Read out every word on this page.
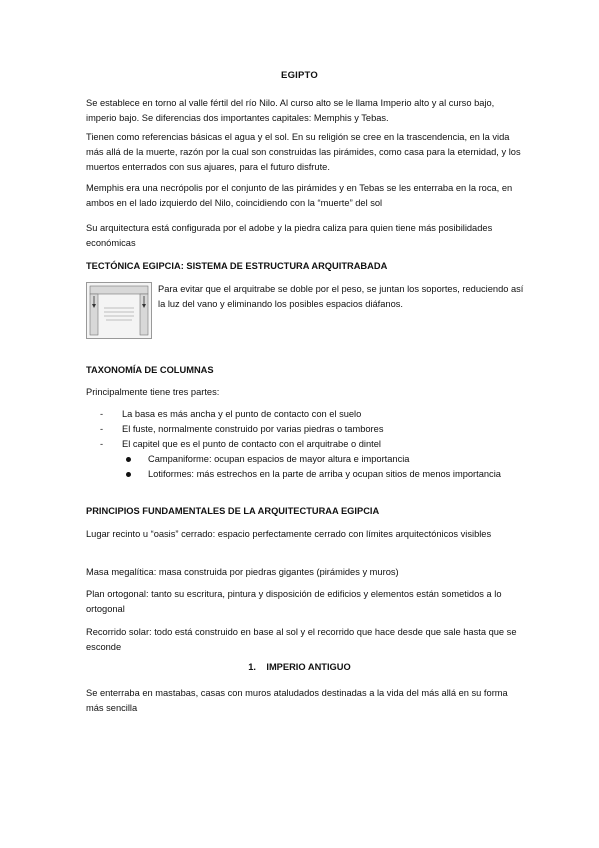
EGIPTO

Se establece en torno al valle fértil del río Nilo. Al curso alto se le llama Imperio alto y al curso bajo, imperio bajo. Se diferencias dos importantes capitales: Memphis y Tebas.

Tienen como referencias básicas el agua y el sol. En su religión se cree en la trascendencia, en la vida más allá de la muerte, razón por la cual son construidas las pirámides, como casa para la eternidad, y los muertos enterrados con sus ajuares, para el futuro disfrute.

Memphis era una necrópolis por el conjunto de las pirámides y en Tebas se les enterraba en la roca, en ambos en el lado izquierdo del Nilo, coincidiendo con la “muerte” del sol

Su arquitectura está configurada por el adobe y la piedra caliza para quien tiene más posibilidades económicas

TECTÓNICA EGIPCIA: SISTEMA DE ESTRUCTURA ARQUITRABADA

Para evitar que el arquitrabe se doble por el peso, se juntan los soportes, reduciendo así la luz del vano y eliminando los posibles espacios diáfanos.

TAXONOMÍA DE COLUMNAS

Principalmente tiene tres partes:

- La basa es más ancha y el punto de contacto con el suelo
- El fuste, normalmente construido por varias piedras o tambores
- El capitel que es el punto de contacto con el arquitrabe o dintel
Campaniforme: ocupan espacios de mayor altura e importancia
Lotiformes: más estrechos en la parte de arriba y ocupan sitios de menos importancia
PRINCIPIOS FUNDAMENTALES DE LA ARQUITECTURAA EGIPCIA

Lugar recinto u “oasis” cerrado: espacio perfectamente cerrado con límites arquitectónicos visibles

Masa megalítica: masa construida por piedras gigantes (pirámides y muros)

Plan ortogonal: tanto su escritura, pintura y disposición de edificios y elementos están sometidos a lo ortogonal

Recorrido solar: todo está construido en base al sol y el recorrido que hace desde que sale hasta que se esconde

1. IMPERIO ANTIGUO

Se enterraba en mastabas, casas con muros ataludados destinadas a la vida del más allá en su forma más sencilla
